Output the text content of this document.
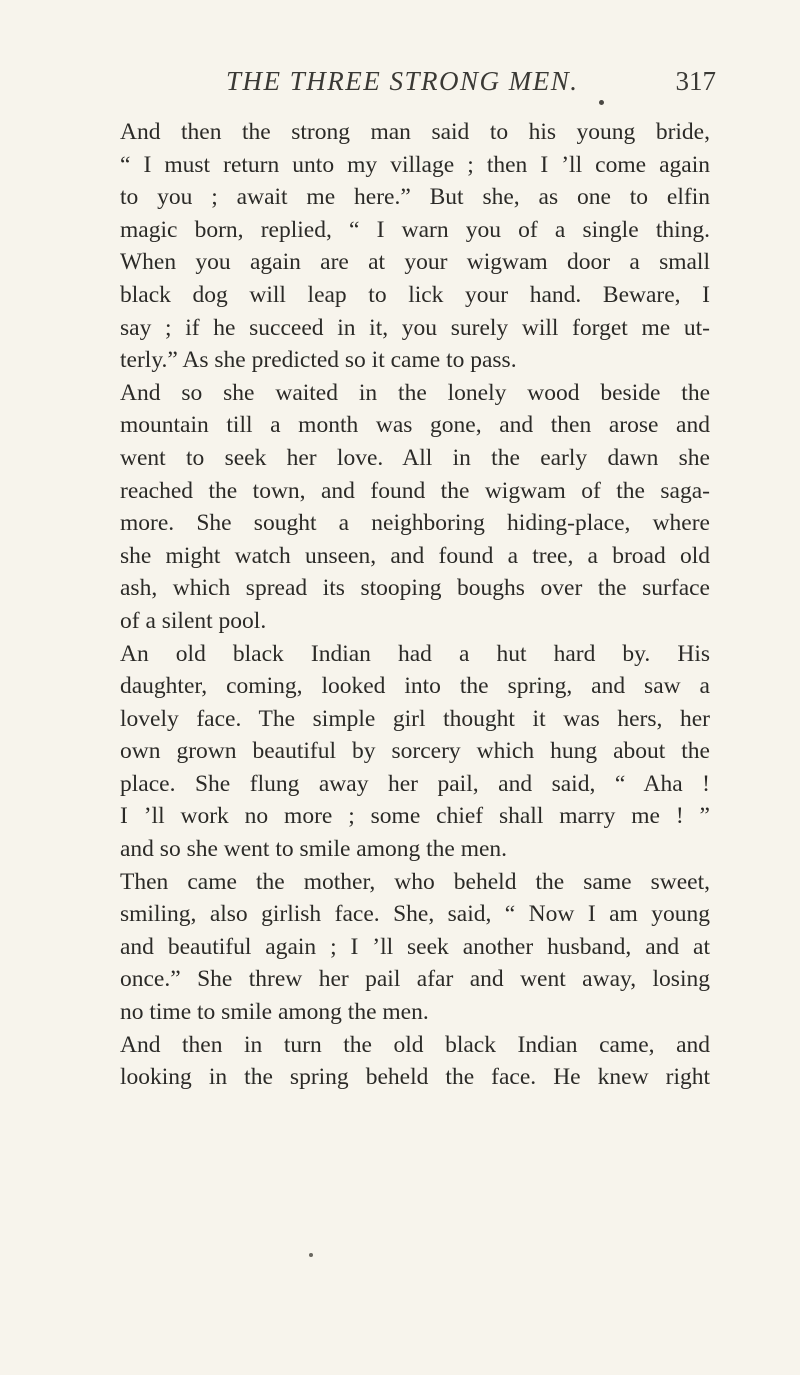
THE THREE STRONG MEN.	317

And then the strong man said to his young bride,
“ I must return unto my village ; then I ’ll come again
to you ; await me here.” But she, as one to elfin
magic born, replied, “ I warn you of a single thing.
When you again are at your wigwam door a small
black dog will leap to lick your hand. Beware, I
say ; if he succeed in it, you surely will forget me ut-
terly.” As she predicted so it came to pass.

And so she waited in the lonely wood beside the
mountain till a month was gone, and then arose and
went to seek her love. All in the early dawn she
reached the town, and found the wigwam of the saga-
more. She sought a neighboring hiding-place, where
she might watch unseen, and found a tree, a broad old
ash, which spread its stooping boughs over the surface
of a silent pool.

An old black Indian had a hut hard by. His
daughter, coming, looked into the spring, and saw a
lovely face. The simple girl thought it was hers, her
own grown beautiful by sorcery which hung about the
place. She flung away her pail, and said, “ Aha !
I ’ll work no more ; some chief shall marry me ! ”
and so she went to smile among the men.

Then came the mother, who beheld the same sweet,
smiling, also girlish face. She, said, “ Now I am young
and beautiful again ; I ’ll seek another husband, and at
once.” She threw her pail afar and went away, losing
no time to smile among the men.

And then in turn the old black Indian came, and
looking in the spring beheld the face. He knew right
